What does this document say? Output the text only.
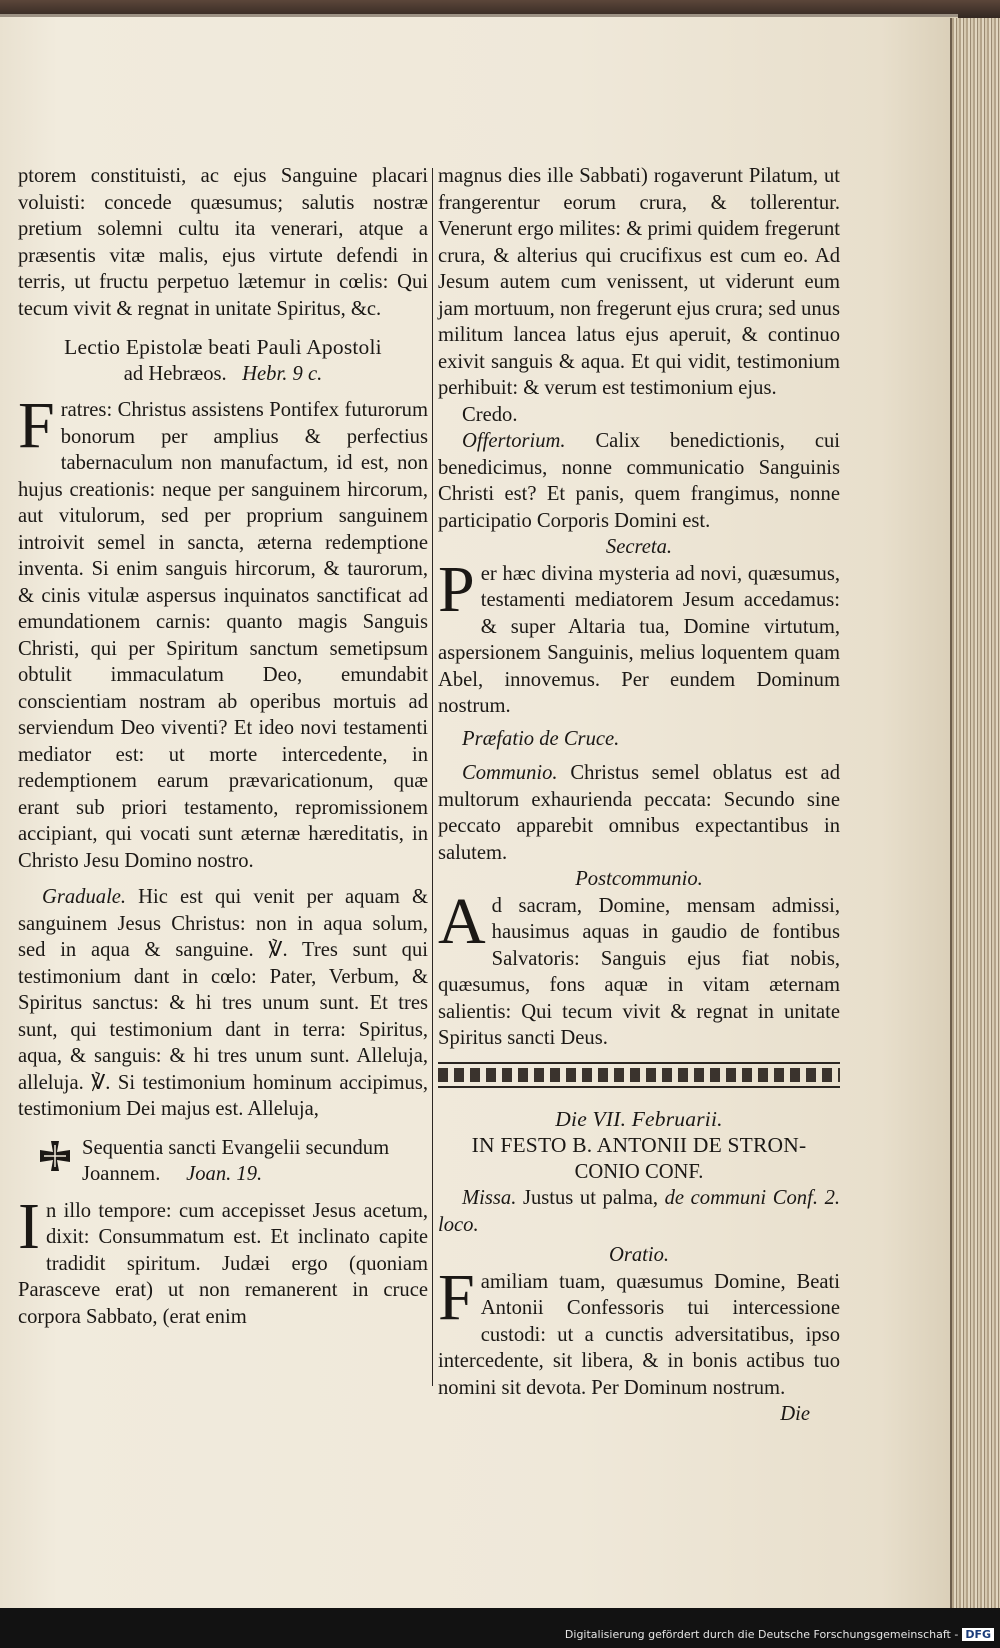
ptorem constituisti, ac ejus Sanguine placari voluisti: concede quæsumus; salutis nostræ pretium solemni cultu ita venerari, atque a præsentis vitæ malis, ejus virtute defendi in terris, ut fructu perpetuo lætemur in cœlis: Qui tecum vivit & regnat in unitate Spiritus, &c.

Lectio Epistolæ beati Pauli Apostoli
ad Hebræos. Hebr. 9 c.

Fratres: Christus assistens Pontifex futurorum bonorum per amplius & perfectius tabernaculum non manufactum, id est, non hujus creationis: neque per sanguinem hircorum, aut vitulorum, sed per proprium sanguinem introivit semel in sancta, æterna redemptione inventa. Si enim sanguis hircorum, & taurorum, & cinis vitulæ aspersus inquinatos sanctificat ad emundationem carnis: quanto magis Sanguis Christi, qui per Spiritum sanctum semetipsum obtulit immaculatum Deo, emundabit conscientiam nostram ab operibus mortuis ad serviendum Deo viventi? Et ideo novi testamenti mediator est: ut morte intercedente, in redemptionem earum prævaricationum, quæ erant sub priori testamento, repromissionem accipiant, qui vocati sunt æternæ hæreditatis, in Christo Jesu Domino nostro.

Graduale. Hic est qui venit per aquam & sanguinem Jesus Christus: non in aqua solum, sed in aqua & sanguine. ℣. Tres sunt qui testimonium dant in cœlo: Pater, Verbum, & Spiritus sanctus: & hi tres unum sunt. Et tres sunt, qui testimonium dant in terra: Spiritus, aqua, & sanguis: & hi tres unum sunt. Alleluja, alleluja. ℣. Si testimonium hominum accipimus, testimonium Dei majus est. Alleluja,

Sequentia sancti Evangelii secundum Joannem. Joan. 19.

In illo tempore: cum accepisset Jesus acetum, dixit: Consummatum est. Et inclinato capite tradidit spiritum. Judæi ergo (quoniam Parasceve erat) ut non remanerent in cruce corpora Sabbato, (erat enim

magnus dies ille Sabbati) rogaverunt Pilatum, ut frangerentur eorum crura, & tollerentur. Venerunt ergo milites: & primi quidem fregerunt crura, & alterius qui crucifixus est cum eo. Ad Jesum autem cum venissent, ut viderunt eum jam mortuum, non fregerunt ejus crura; sed unus militum lancea latus ejus aperuit, & continuo exivit sanguis & aqua. Et qui vidit, testimonium perhibuit: & verum est testimonium ejus.

Credo.

Offertorium. Calix benedictionis, cui benedicimus, nonne communicatio Sanguinis Christi est? Et panis, quem frangimus, nonne participatio Corporis Domini est.

Secreta.

Per hæc divina mysteria ad novi, quæsumus, testamenti mediatorem Jesum accedamus: & super Altaria tua, Domine virtutum, aspersionem Sanguinis, melius loquentem quam Abel, innovemus. Per eundem Dominum nostrum.

Præfatio de Cruce.

Communio. Christus semel oblatus est ad multorum exhaurienda peccata: Secundo sine peccato apparebit omnibus expectantibus in salutem.

Postcommunio.

Ad sacram, Domine, mensam admissi, hausimus aquas in gaudio de fontibus Salvatoris: Sanguis ejus fiat nobis, quæsumus, fons aquæ in vitam æternam salientis: Qui tecum vivit & regnat in unitate Spiritus sancti Deus.

Die VII. Februarii.

IN FESTO B. ANTONII DE STRON-

CONIO CONF.

Missa. Justus ut palma, de communi Conf. 2. loco.

Oratio.

Familiam tuam, quæsumus Domine, Beati Antonii Confessoris tui intercessione custodi: ut a cunctis adversitatibus, ipso intercedente, sit libera, & in bonis actibus tuo nomini sit devota. Per Dominum nostrum.

Die

Digitalisierung gefördert durch die Deutsche Forschungsgemeinschaft - DFG
